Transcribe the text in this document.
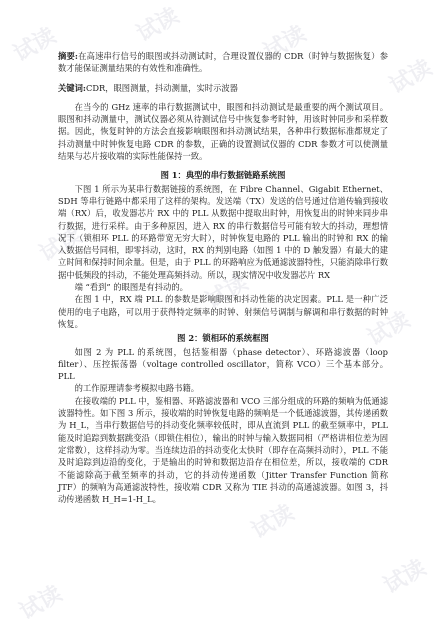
试读	试读	试读
试读
试读
试读
试读
试读
试读
试读
试读

摘要:在高速串行信号的眼图或抖动测试时，合理设置仪器的 CDR（时钟与数据恢复）参数才能保证测量结果的有效性和准确性。

关键词:CDR，眼图测量，抖动测量，实时示波器

在当今的 GHz 速率的串行数据测试中，眼图和抖动测试是最重要的两个测试项目。眼图和抖动测量中，测试仪器必须从待测试信号中恢复参考时钟，用该时钟同步和采样数据。因此，恢复时钟的方法会直接影响眼图和抖动测试结果，各种串行数据标准都规定了抖动测量中时钟恢复电路 CDR 的参数，正确的设置测试仪器的 CDR 参数才可以使测量结果与芯片接收端的实际性能保持一致。

图 1：典型的串行数据链路系统图

下图 1 所示为某串行数据链接的系统图，在 Fibre Channel、Gigabit Ethernet、SDH 等串行链路中都采用了这样的架构。发送端（TX）发送的信号通过信道传输到接收端（RX）后，收发器芯片 RX 中的 PLL 从数据中提取出时钟，用恢复出的时钟来同步串行数据，进行采样。由于多种原因，进入 RX 的串行数据信号可能有较大的抖动，理想情况下（锁相环 PLL 的环路带宽无穷大时），时钟恢复电路的 PLL 输出的时钟和 RX 的输入数据信号同相，即零抖动，这时，RX 的判别电路（如图 1 中的 D 触发器）有最大的建立时间和保持时间余量。但是，由于 PLL 的环路响应为低通滤波器特性，只能消除串行数据中低频段的抖动，不能处理高频抖动。所以，现实情况中收发器芯片 RX

端 “看到” 的眼图是有抖动的。

在图 1 中，RX 端 PLL 的参数是影响眼图和抖动性能的决定因素。PLL 是一种广泛使用的电子电路，可以用于获得特定频率的时钟、射频信号调制与解调和串行数据的时钟恢复。

图 2：锁相环的系统框图

如图 2 为 PLL 的系统图，包括鉴相器（phase detector）、环路滤波器（loop filter）、压控振荡器（voltage controlled oscillator，简称 VCO）三个基本部分。PLL

的工作原理请参考模拟电路书籍。

在接收端的 PLL 中，鉴相器、环路滤波器和 VCO 三部分组成的环路的频响为低通滤波器特性。如下图 3 所示，接收端的时钟恢复电路的频响是一个低通滤波器，其传递函数为 H_L，当串行数据信号的抖动变化频率较低时，即从直流到 PLL 的截至频率中，PLL 能及时追踪到数据跳变沿（即锁住相位），输出的时钟与输入数据同相（严格讲相位差为固定常数），这样抖动为零。当连续边沿的抖动变化太快时（即存在高频抖动时），PLL 不能及时追踪到边沿的变化，于是输出的时钟和数据边沿存在相位差，所以，接收端的 CDR 不能滤除高于截至频率的抖动，它的抖动传递函数（Jitter Transfer Function 简称 JTF）的频响为高通滤波特性，接收端 CDR 又称为 TIE 抖动的高通滤波器。如图 3，抖动传递函数 H_H=1-H_L。
